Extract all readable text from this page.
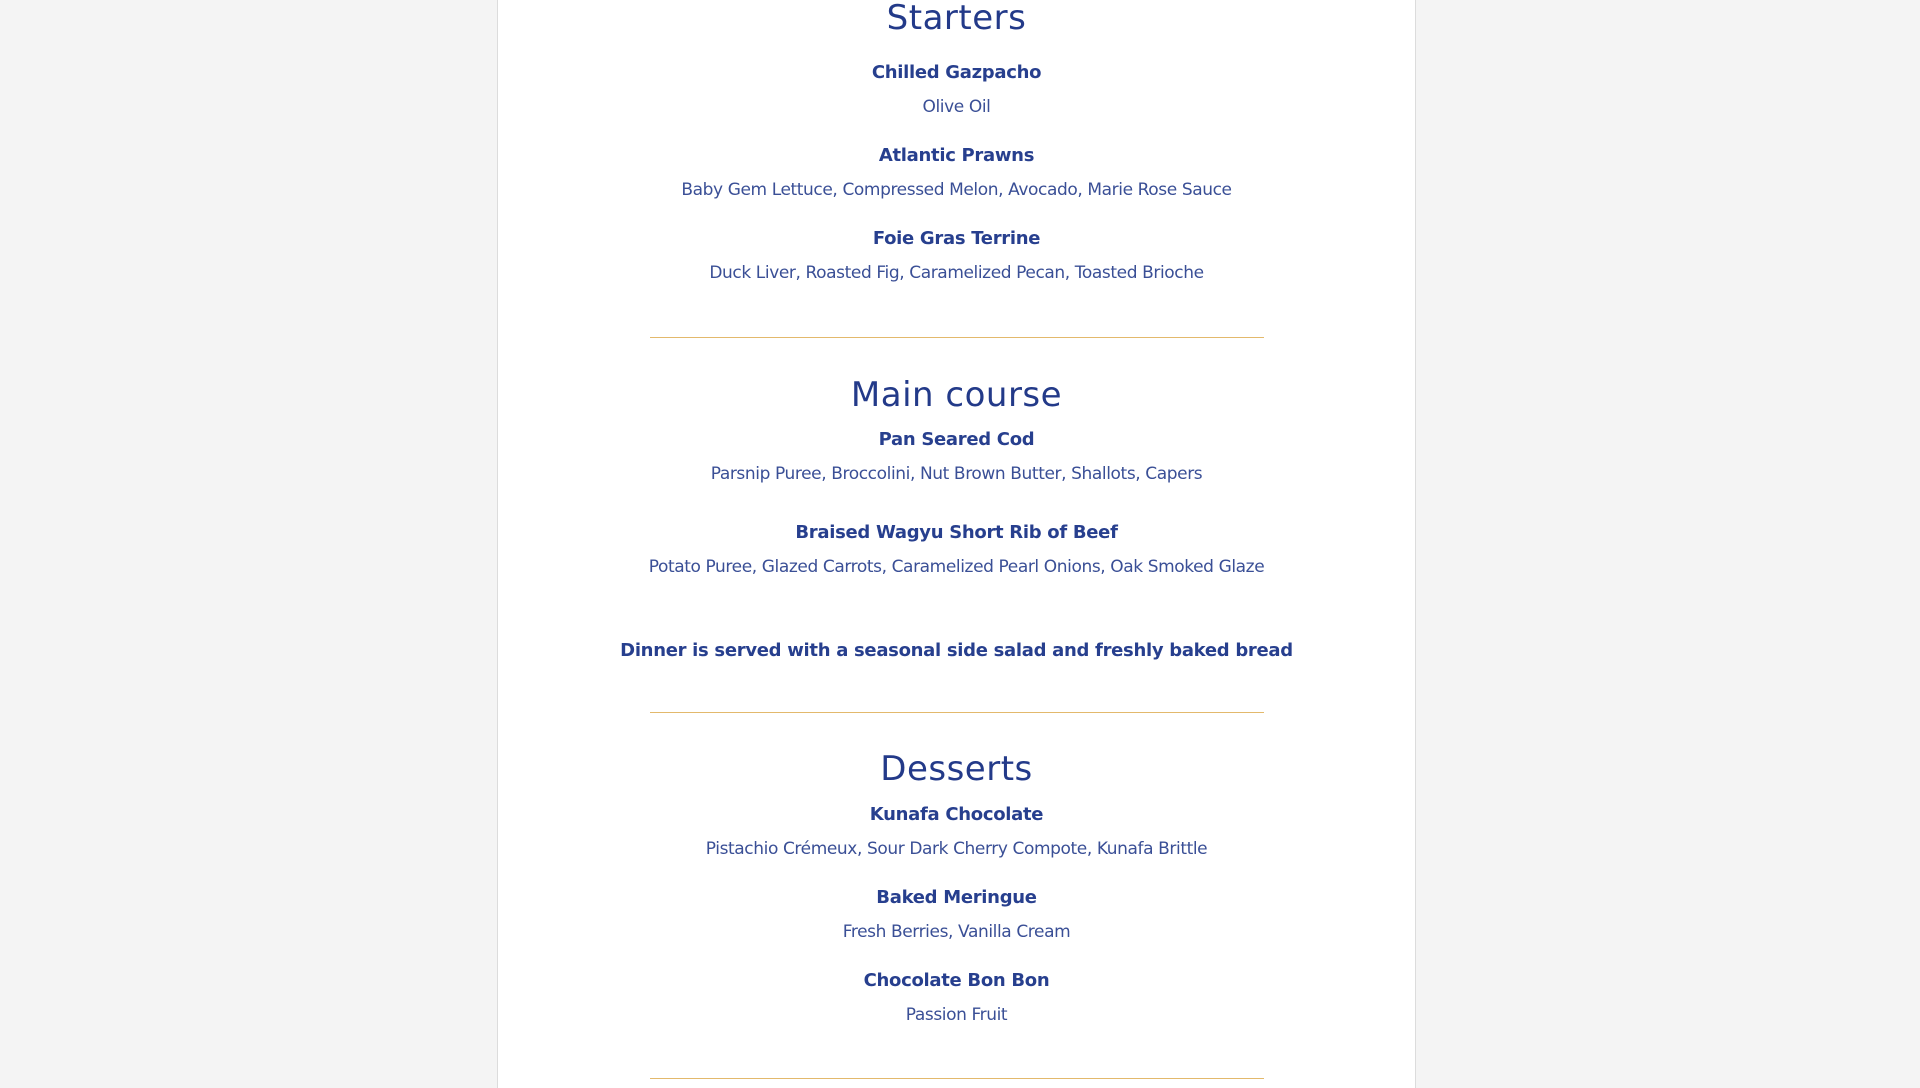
Starters
Chilled Gazpacho
Olive Oil
Atlantic Prawns
Baby Gem Lettuce, Compressed Melon, Avocado, Marie Rose Sauce
Foie Gras Terrine
Duck Liver, Roasted Fig, Caramelized Pecan, Toasted Brioche
Main course
Pan Seared Cod
Parsnip Puree, Broccolini, Nut Brown Butter, Shallots, Capers
Braised Wagyu Short Rib of Beef
Potato Puree, Glazed Carrots, Caramelized Pearl Onions, Oak Smoked Glaze
Dinner is served with a seasonal side salad and freshly baked bread
Desserts
Kunafa Chocolate
Pistachio Crémeux, Sour Dark Cherry Compote, Kunafa Brittle
Baked Meringue
Fresh Berries, Vanilla Cream
Chocolate Bon Bon
Passion Fruit
